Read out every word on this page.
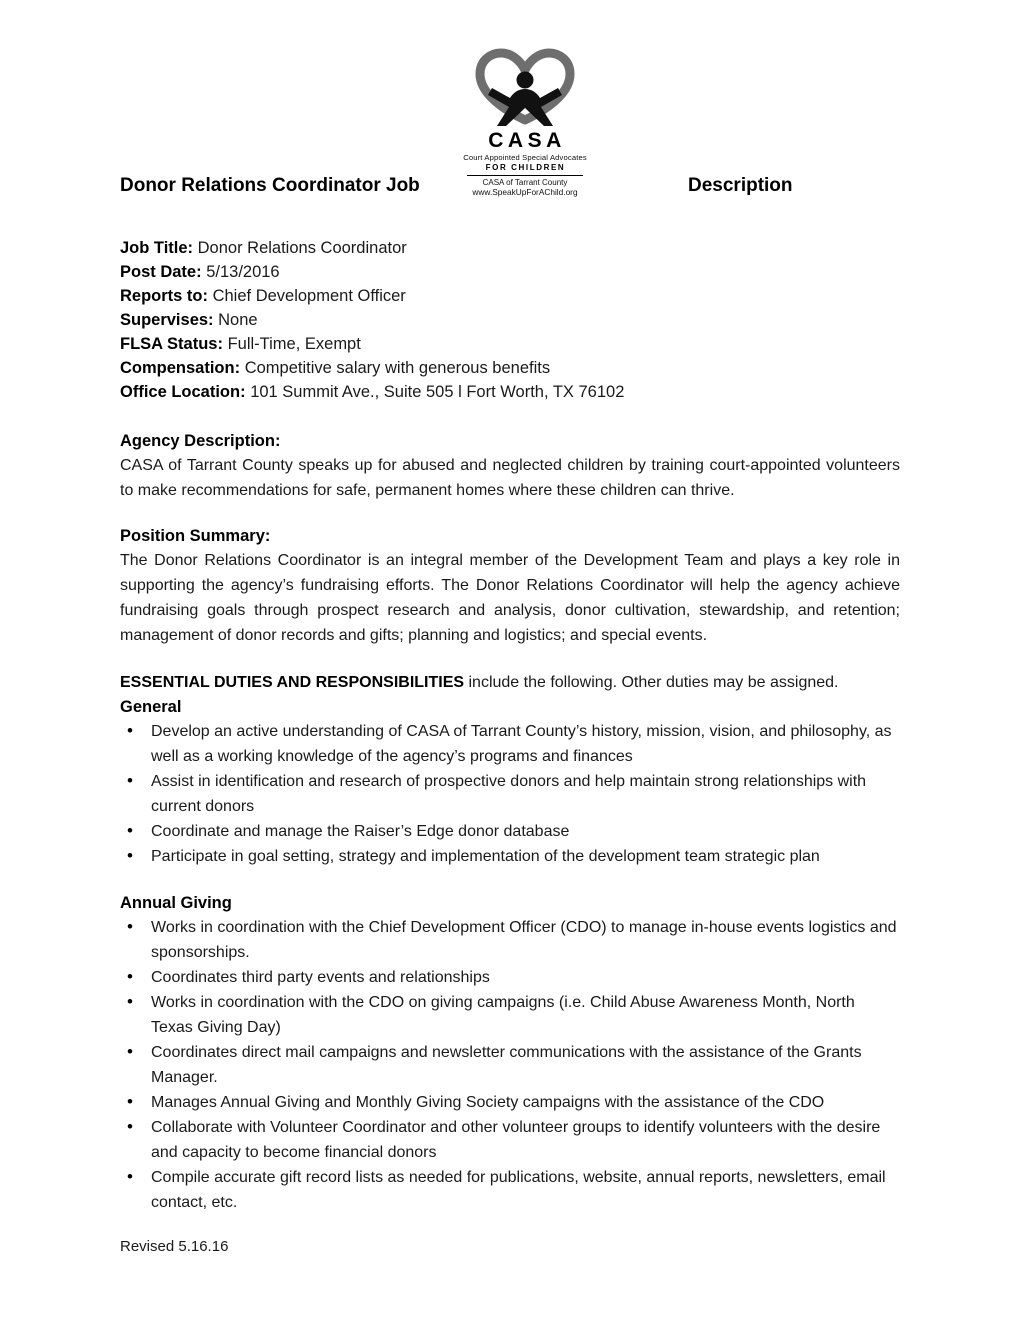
CASA
Court Appointed Special Advocates
FOR CHILDREN
CASA of Tarrant County
www.SpeakUpForAChild.org
Donor Relations Coordinator Job	Description
Job Title: Donor Relations Coordinator
Post Date: 5/13/2016
Reports to: Chief Development Officer
Supervises: None
FLSA Status: Full-Time, Exempt
Compensation: Competitive salary with generous benefits
Office Location: 101 Summit Ave., Suite 505 l Fort Worth, TX 76102
Agency Description:
CASA of Tarrant County speaks up for abused and neglected children by training court-appointed volunteers to make recommendations for safe, permanent homes where these children can thrive.
Position Summary:
The Donor Relations Coordinator is an integral member of the Development Team and plays a key role in supporting the agency’s fundraising efforts. The Donor Relations Coordinator will help the agency achieve fundraising goals through prospect research and analysis, donor cultivation, stewardship, and retention; management of donor records and gifts; planning and logistics; and special events.
ESSENTIAL DUTIES AND RESPONSIBILITIES include the following. Other duties may be assigned.
General
• Develop an active understanding of CASA of Tarrant County’s history, mission, vision, and philosophy, as well as a working knowledge of the agency’s programs and finances
• Assist in identification and research of prospective donors and help maintain strong relationships with current donors
• Coordinate and manage the Raiser’s Edge donor database
• Participate in goal setting, strategy and implementation of the development team strategic plan
Annual Giving
• Works in coordination with the Chief Development Officer (CDO) to manage in-house events logistics and sponsorships.
• Coordinates third party events and relationships
• Works in coordination with the CDO on giving campaigns (i.e. Child Abuse Awareness Month, North Texas Giving Day)
• Coordinates direct mail campaigns and newsletter communications with the assistance of the Grants Manager.
• Manages Annual Giving and Monthly Giving Society campaigns with the assistance of the CDO
• Collaborate with Volunteer Coordinator and other volunteer groups to identify volunteers with the desire and capacity to become financial donors
• Compile accurate gift record lists as needed for publications, website, annual reports, newsletters, email contact, etc.
Revised 5.16.16
